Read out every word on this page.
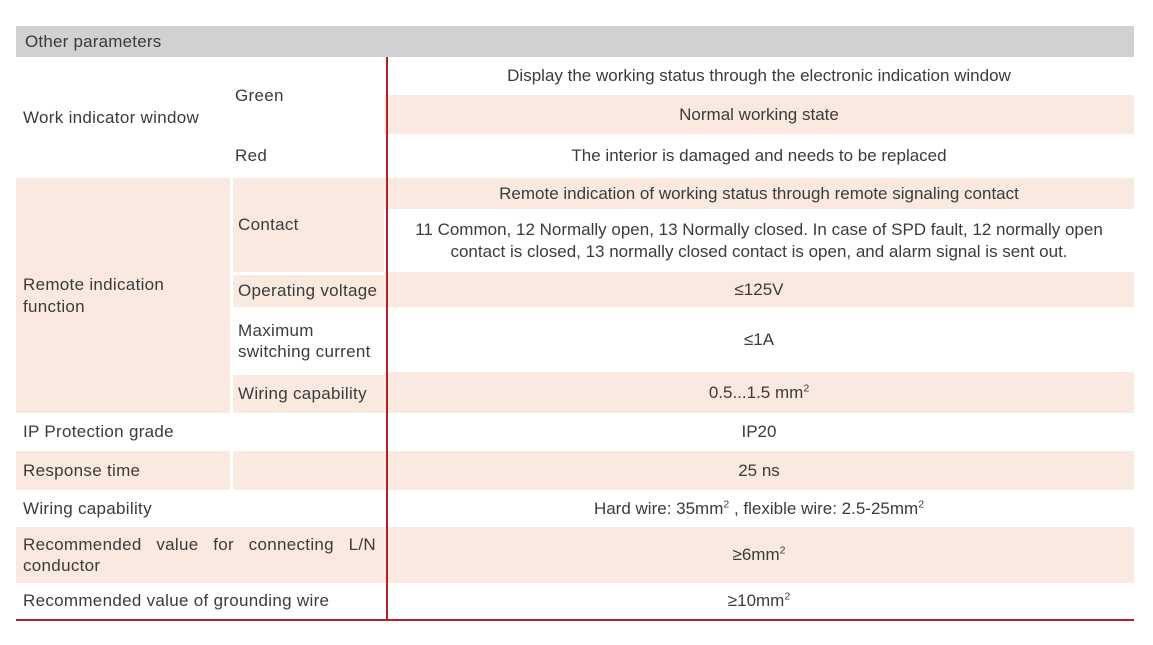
Other parameters
Work indicator window	Green	Display the working status through the electronic indication window
		Normal working state
	Red	The interior is damaged and needs to be replaced
Remote indication function	Contact	Remote indication of working status through remote signaling contact
		11 Common, 12 Normally open, 13 Normally closed. In case of SPD fault, 12 normally open contact is closed, 13 normally closed contact is open, and alarm signal is sent out.
	Operating voltage	≤125V
	Maximum switching current	≤1A
	Wiring capability	0.5...1.5 $mm^2$
IP Protection grade		IP20
Response time		25 ns
Wiring capability		Hard wire: $35mm^2$ , flexible wire: $2.5-25mm^2$
Recommended value for connecting L/N conductor		$\ge 6mm^2$
Recommended value of grounding wire		$\ge 10mm^2$
